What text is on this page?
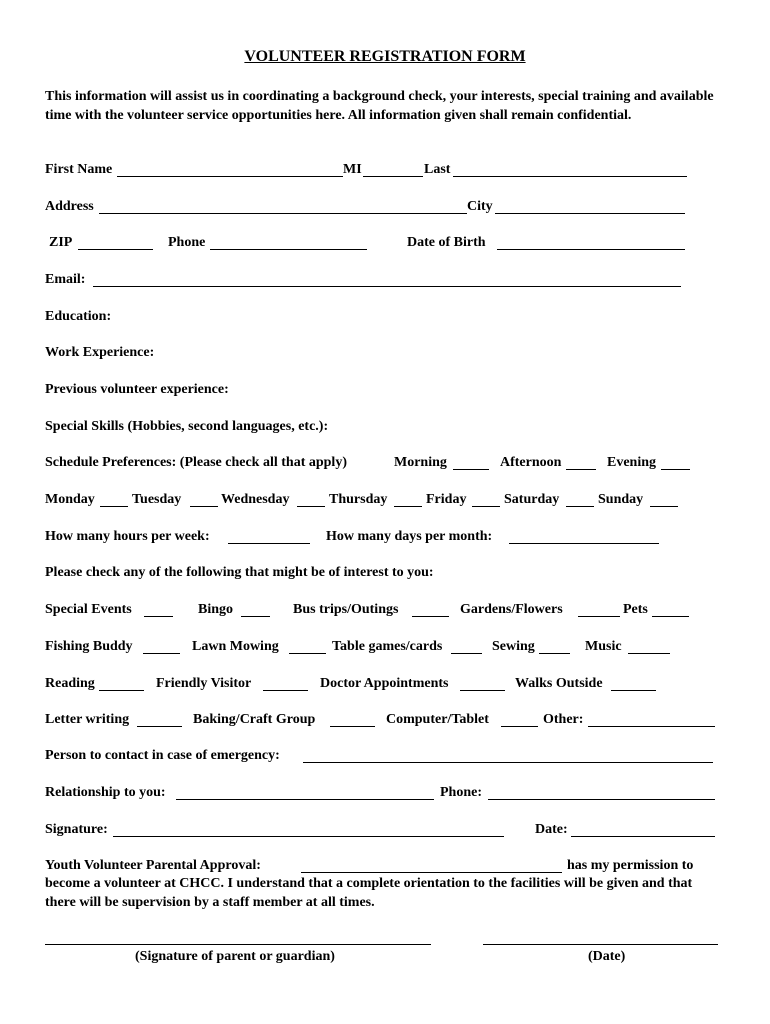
VOLUNTEER REGISTRATION FORM
This information will assist us in coordinating a background check, your interests, special training and available time with the volunteer service opportunities here. All information given shall remain confidential.
First Name	MI	Last
Address	City
ZIP	Phone	Date of Birth
Email:
Education:
Work Experience:
Previous volunteer experience:
Special Skills (Hobbies, second languages, etc.):
Schedule Preferences: (Please check all that apply)	Morning	Afternoon	Evening
Monday	Tuesday	Wednesday	Thursday	Friday	Saturday	Sunday
How many hours per week:	How many days per month:
Please check any of the following that might be of interest to you:
Special Events	Bingo	Bus trips/Outings	Gardens/Flowers	Pets
Fishing Buddy	Lawn Mowing	Table games/cards	Sewing	Music
Reading	Friendly Visitor	Doctor Appointments	Walks Outside
Letter writing	Baking/Craft Group	Computer/Tablet	Other:
Person to contact in case of emergency:
Relationship to you:	Phone:
Signature:	Date:
Youth Volunteer Parental Approval:	has my permission to
become a volunteer at CHCC. I understand that a complete orientation to the facilities will be given and that there will be supervision by a staff member at all times.
(Signature of parent or guardian)	(Date)
